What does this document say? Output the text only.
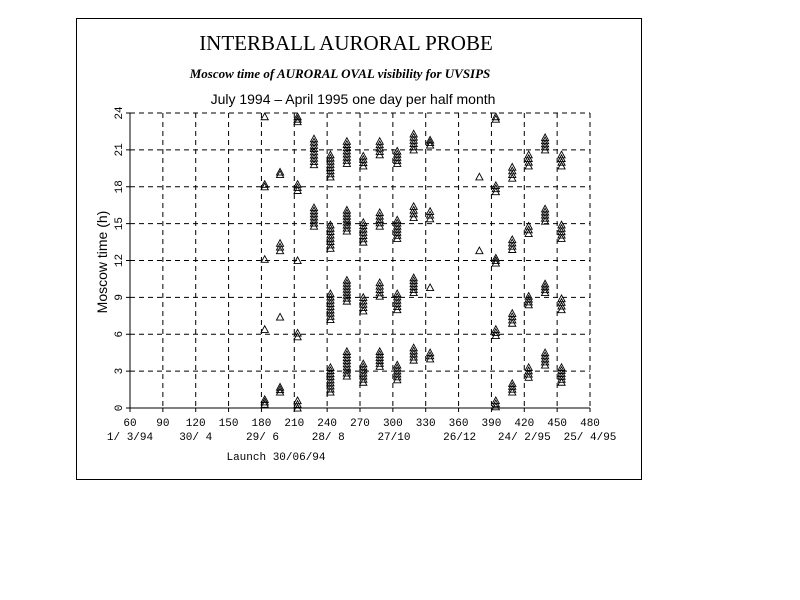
INTERBALL AURORAL PROBE
Moscow time of AURORAL OVAL visibility for UVSIPS
July 1994 – April 1995 one day per half month
Moscow time (h)
Launch 30/06/94
60 90 120 150 180 210 240 270 300 330 360 390 420 450 480
0
3
6
9
12
15
18
21
24
1/ 3/94 30/ 4	29/ 6	28/ 8	27/10	26/12 24/ 2/95 25/ 4/95
